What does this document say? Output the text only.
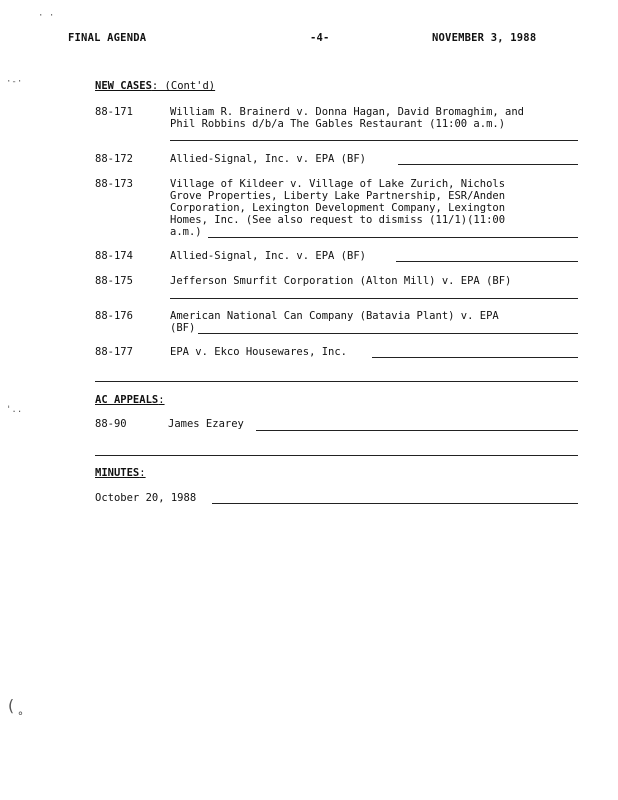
· ·
·-·
'..
(̥
FINAL AGENDA	-4-	NOVEMBER 3, 1988
NEW CASES: (Cont'd)
88-171	William R. Brainerd v. Donna Hagan, David Bromaghim, and
Phil Robbins d/b/a The Gables Restaurant (11:00 a.m.)
88-172	Allied-Signal, Inc. v. EPA (BF)
88-173	Village of Kildeer v. Village of Lake Zurich, Nichols
Grove Properties, Liberty Lake Partnership, ESR/Anden
Corporation, Lexington Development Company, Lexington
Homes, Inc. (See also request to dismiss (11/1)(11:00
a.m.)
88-174	Allied-Signal, Inc. v. EPA (BF)
88-175	Jefferson Smurfit Corporation (Alton Mill) v. EPA (BF)
88-176	American National Can Company (Batavia Plant) v. EPA
(BF)
88-177	EPA v. Ekco Housewares, Inc.
AC APPEALS:
88-90	James Ezarey
MINUTES:
October 20, 1988
